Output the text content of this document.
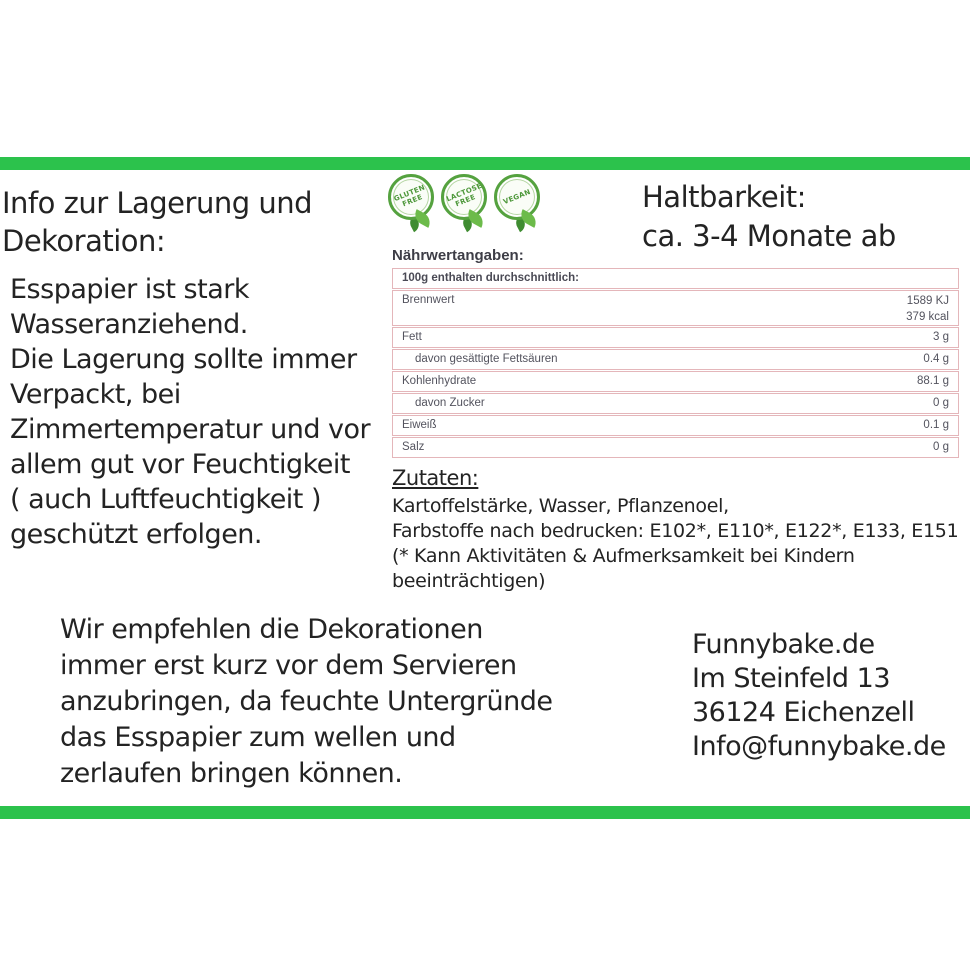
Info zur Lagerung und
Dekoration:
Esspapier ist stark
Wasseranziehend.
Die Lagerung sollte immer
Verpackt, bei
Zimmertemperatur und vor
allem gut vor Feuchtigkeit
( auch Luftfeuchtigkeit )
geschützt erfolgen.
GLUTEN FREE	LACTOSE FREE	VEGAN	Haltbarkeit:
ca. 3-4 Monate ab
Nährwertangaben:
100g enthalten durchschnittlich:
Brennwert	1589 KJ
379 kcal
Fett	3 g
davon gesättigte Fettsäuren	0.4 g
Kohlenhydrate	88.1 g
davon Zucker	0 g
Eiweiß	0.1 g
Salz	0 g
Zutaten:
Kartoffelstärke, Wasser, Pflanzenoel,
Farbstoffe nach bedrucken: E102*, E110*, E122*, E133, E151
(* Kann Aktivitäten & Aufmerksamkeit bei Kindern
beeinträchtigen)
Wir empfehlen die Dekorationen
immer erst kurz vor dem Servieren
anzubringen, da feuchte Untergründe
das Esspapier zum wellen und
zerlaufen bringen können.
Funnybake.de
Im Steinfeld 13
36124 Eichenzell
Info@funnybake.de
